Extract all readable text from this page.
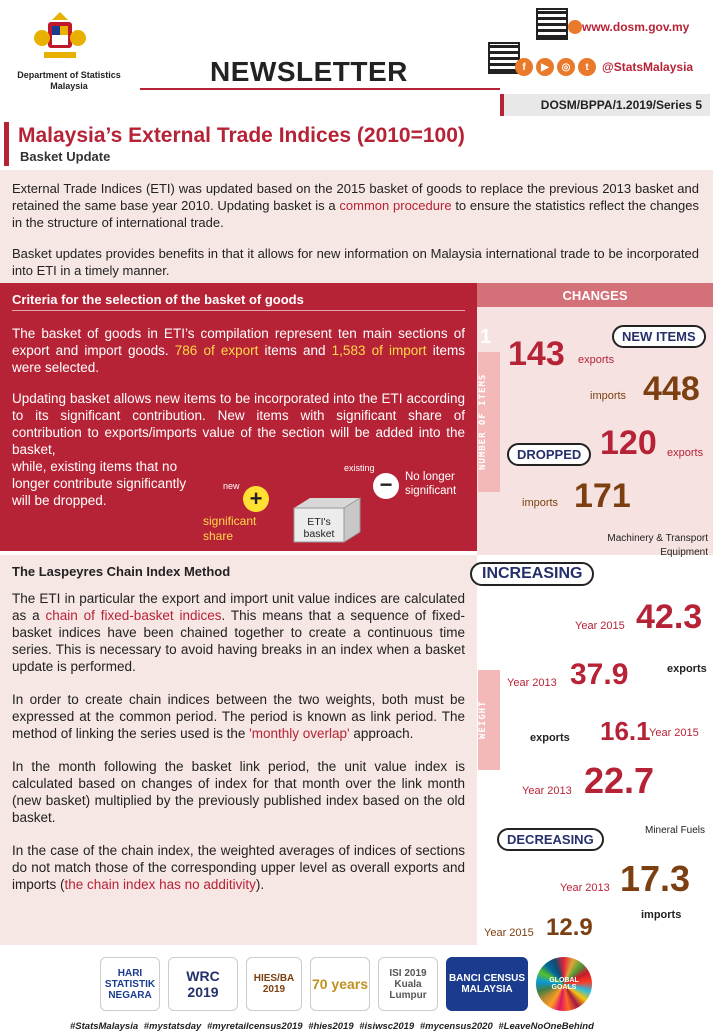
Department of Statistics Malaysia	NEWSLETTER
www.dosm.gov.my
f	▶	◎	t	@StatsMalaysia
DOSM/BPPA/1.2019/Series 5
Malaysia’s External Trade Indices (2010=100)
Basket Update

External Trade Indices (ETI) was updated based on the 2015 basket of goods to replace the previous 2013 basket and retained the same base year 2010. Updating basket is a common procedure to ensure the statistics reflect the changes in the structure of international trade.

Basket updates provides benefits in that it allows for new information on Malaysia international trade to be incorporated into ETI in a timely manner.

Criteria for the selection of the basket of goods

The basket of goods in ETI’s compilation represent ten main sections of export and import goods. 786 of export items and 1,583 of import items were selected.

Updating basket allows new items to be incorporated into the ETI according to its significant contribution. New items with significant share of contribution to exports/imports value of the section will be added into the basket,

while, existing items that no longer contribute significantly will be dropped.

new +
significant share
existing
−	No longer significant
ETI's basket
CHANGES
1
NUMBER OF ITEMS
NEW ITEMS
143 exports
imports 448
DROPPED 120 exports
imports 171
The Laspeyres Chain Index Method

The ETI in particular the export and import unit value indices are calculated as a chain of fixed-basket indices. This means that a sequence of fixed-basket indices have been chained together to create a continuous time series. This is necessary to avoid having breaks in an index when a basket update is performed.

In order to create chain indices between the two weights, both must be expressed at the common period. The period is known as link period. The method of linking the series used is the 'monthly overlap' approach.

In the month following the basket link period, the unit value index is calculated based on changes of index for that month over the link month (new basket) multiplied by the previously published index based on the old basket.

In the case of the chain index, the weighted averages of indices of sections do not match those of the corresponding upper level as overall exports and imports (the chain index has no additivity).

2
WEIGHT
Machinery & Transport Equipment
INCREASING
Year 2015 42.3
Year 2013 37.9	exports
exports 16.1
Year 2015
Year 2013 22.7
DECREASING
Mineral Fuels
Year 2013 17.3
imports
Year 2015 12.9
HARI STATISTIK NEGARA
WRC 2019
HIES/BA 2019	70 years
ISI 2019 Kuala Lumpur
BANCI CENSUS MALAYSIA
GLOBAL GOALS
#StatsMalaysia #mystatsday #myretailcensus2019 #hies2019 #isiwsc2019 #mycensus2020 #LeaveNoOneBehind
